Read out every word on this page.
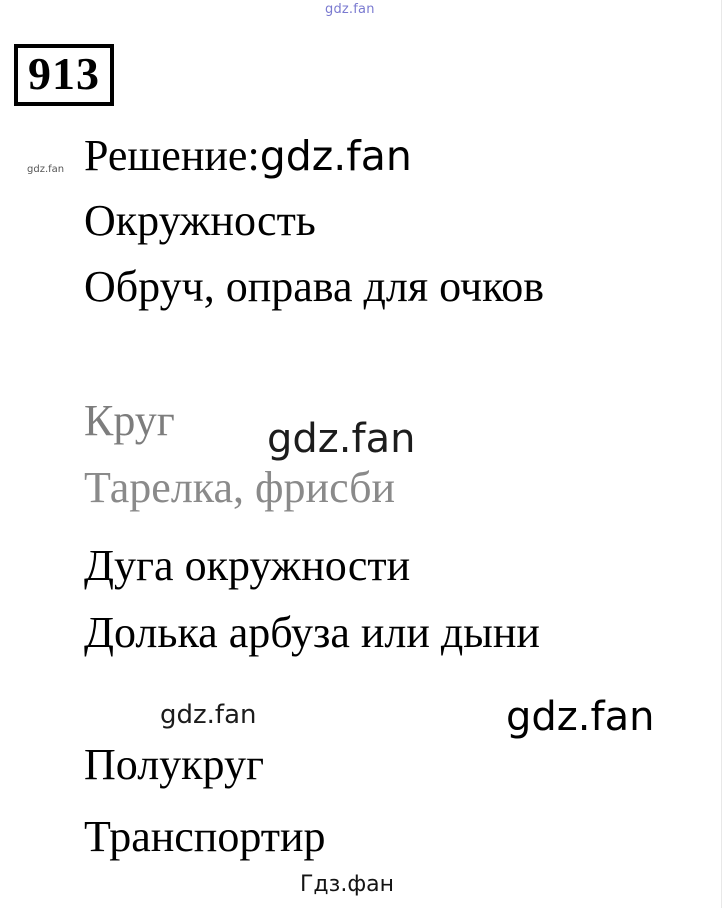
gdz.fan
913
gdz.fan Решение:gdz.fan
Окружность
Обруч, оправа для очков
Круг gdz.fan
Тарелка, фрисби
Дуга окружности
Долька арбуза или дыни
gdz.fan	gdz.fan
Полукруг
Транспортир
Гдз.фан
